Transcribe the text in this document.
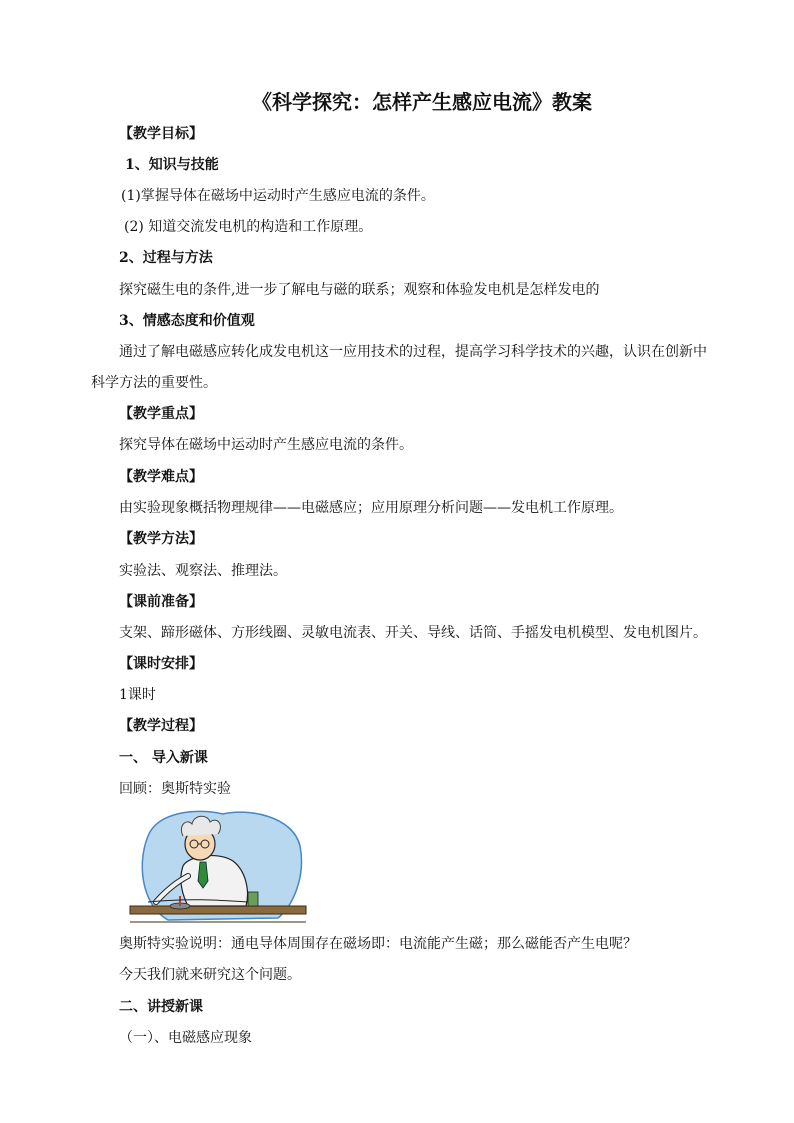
《科学探究：怎样产生感应电流》教案
【教学目标】
1、知识与技能
(1)掌握导体在磁场中运动时产生感应电流的条件。
(2) 知道交流发电机的构造和工作原理。
2、过程与方法
探究磁生电的条件,进一步了解电与磁的联系；观察和体验发电机是怎样发电的
3、情感态度和价值观
通过了解电磁感应转化成发电机这一应用技术的过程，提高学习科学技术的兴趣，认识在创新中
科学方法的重要性。
【教学重点】
探究导体在磁场中运动时产生感应电流的条件。
【教学难点】
由实验现象概括物理规律——电磁感应；应用原理分析问题——发电机工作原理。
【教学方法】
实验法、观察法、推理法。
【课前准备】
支架、蹄形磁体、方形线圈、灵敏电流表、开关、导线、话筒、手摇发电机模型、发电机图片。
【课时安排】
1课时
【教学过程】
一、 导入新课
回顾：奥斯特实验
奥斯特实验说明：通电导体周围存在磁场即：电流能产生磁；那么磁能否产生电呢？
今天我们就来研究这个问题。
二、讲授新课
（一）、电磁感应现象
